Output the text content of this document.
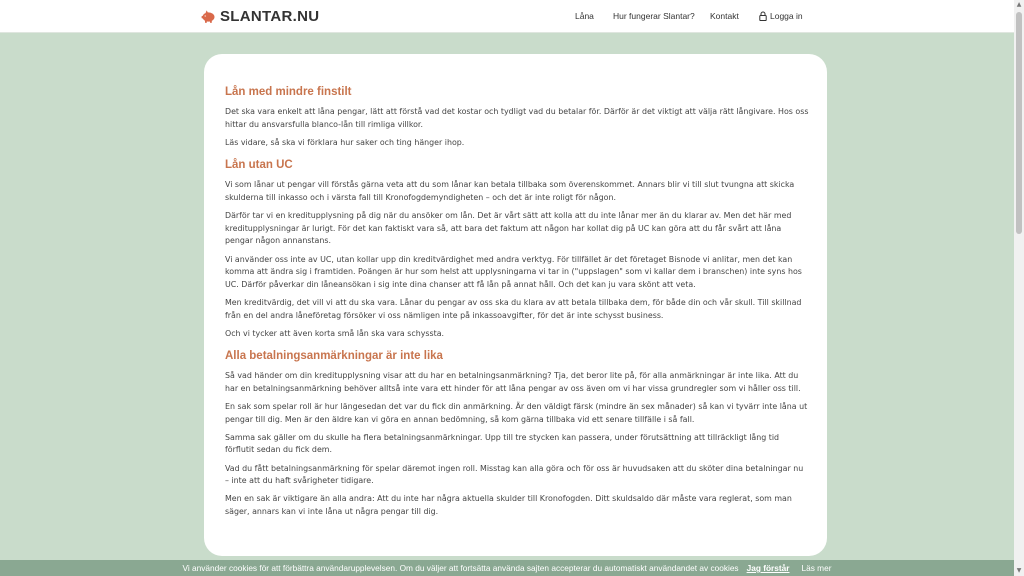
SLANTAR.NU	Låna Hur fungerar Slantar? Kontakt	Logga in
Lån med mindre finstilt

Det ska vara enkelt att låna pengar, lätt att förstå vad det kostar och tydligt vad du betalar för. Därför är det viktigt att välja rätt långivare. Hos oss hittar du ansvarsfulla blanco-lån till rimliga villkor.

Läs vidare, så ska vi förklara hur saker och ting hänger ihop.

Lån utan UC

Vi som lånar ut pengar vill förstås gärna veta att du som lånar kan betala tillbaka som överenskommet. Annars blir vi till slut tvungna att skicka skulderna till inkasso och i värsta fall till Kronofogdemyndigheten – och det är inte roligt för någon.

Därför tar vi en kreditupplysning på dig när du ansöker om lån. Det är vårt sätt att kolla att du inte lånar mer än du klarar av. Men det här med kreditupplysningar är lurigt. För det kan faktiskt vara så, att bara det faktum att någon har kollat dig på UC kan göra att du får svårt att låna pengar någon annanstans.

Vi använder oss inte av UC, utan kollar upp din kreditvärdighet med andra verktyg. För tillfället är det företaget Bisnode vi anlitar, men det kan komma att ändra sig i framtiden. Poängen är hur som helst att upplysningarna vi tar in ("uppslagen" som vi kallar dem i branschen) inte syns hos UC. Därför påverkar din låneansökan i sig inte dina chanser att få lån på annat håll. Och det kan ju vara skönt att veta.

Men kreditvärdig, det vill vi att du ska vara. Lånar du pengar av oss ska du klara av att betala tillbaka dem, för både din och vår skull. Till skillnad från en del andra låneföretag försöker vi oss nämligen inte på inkassoavgifter, för det är inte schysst business.

Och vi tycker att även korta små lån ska vara schyssta.

Alla betalningsanmärkningar är inte lika

Så vad händer om din kreditupplysning visar att du har en betalningsanmärkning? Tja, det beror lite på, för alla anmärkningar är inte lika. Att du har en betalningsanmärkning behöver alltså inte vara ett hinder för att låna pengar av oss även om vi har vissa grundregler som vi håller oss till.

En sak som spelar roll är hur längesedan det var du fick din anmärkning. Är den väldigt färsk (mindre än sex månader) så kan vi tyvärr inte låna ut pengar till dig. Men är den äldre kan vi göra en annan bedömning, så kom gärna tillbaka vid ett senare tillfälle i så fall.

Samma sak gäller om du skulle ha flera betalningsanmärkningar. Upp till tre stycken kan passera, under förutsättning att tillräckligt lång tid förflutit sedan du fick dem.

Vad du fått betalningsanmärkning för spelar däremot ingen roll. Misstag kan alla göra och för oss är huvudsaken att du sköter dina betalningar nu – inte att du haft svårigheter tidigare.

Men en sak är viktigare än alla andra: Att du inte har några aktuella skulder till Kronofogden. Ditt skuldsaldo där måste vara reglerat, som man säger, annars kan vi inte låna ut några pengar till dig.

▲
▼
Vi använder cookies för att förbättra användarupplevelsen. Om du väljer att fortsätta använda sajten accepterar du automatiskt användandet av cookies Jag förstår Läs mer
